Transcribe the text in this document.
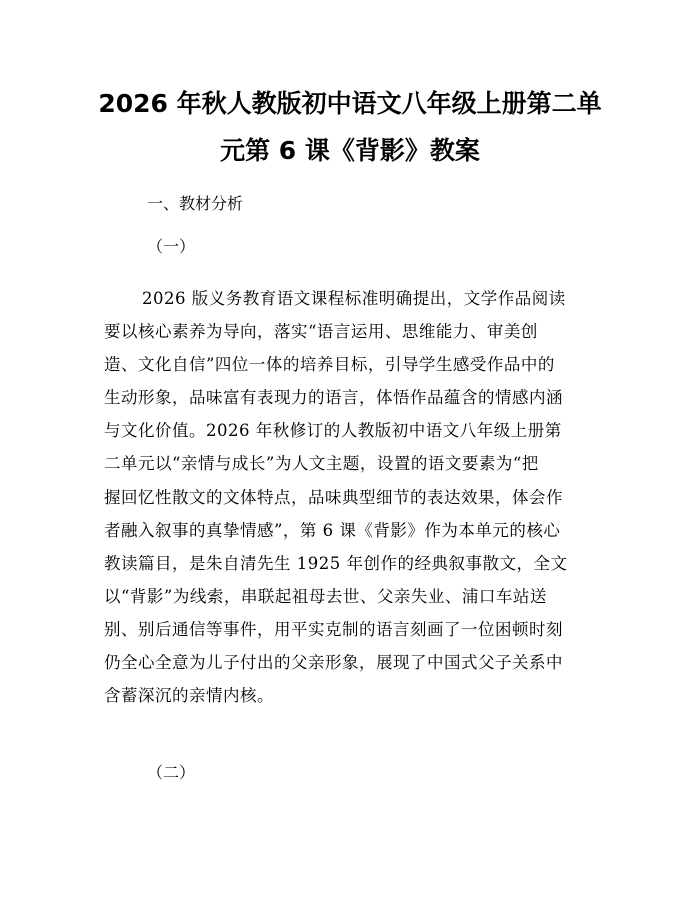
2026 年秋人教版初中语文八年级上册第二单
元第 6 课《背影》教案
一、教材分析
（一）
2026 版义务教育语文课程标准明确提出，文学作品阅读
要以核心素养为导向，落实“语言运用、思维能力、审美创
造、文化自信”四位一体的培养目标，引导学生感受作品中的
生动形象，品味富有表现力的语言，体悟作品蕴含的情感内涵
与文化价值。2026 年秋修订的人教版初中语文八年级上册第
二单元以“亲情与成长”为人文主题，设置的语文要素为“把
握回忆性散文的文体特点，品味典型细节的表达效果，体会作
者融入叙事的真挚情感”，第 6 课《背影》作为本单元的核心
教读篇目，是朱自清先生 1925 年创作的经典叙事散文，全文
以“背影”为线索，串联起祖母去世、父亲失业、浦口车站送
别、别后通信等事件，用平实克制的语言刻画了一位困顿时刻
仍全心全意为儿子付出的父亲形象，展现了中国式父子关系中
含蓄深沉的亲情内核。
（二）
